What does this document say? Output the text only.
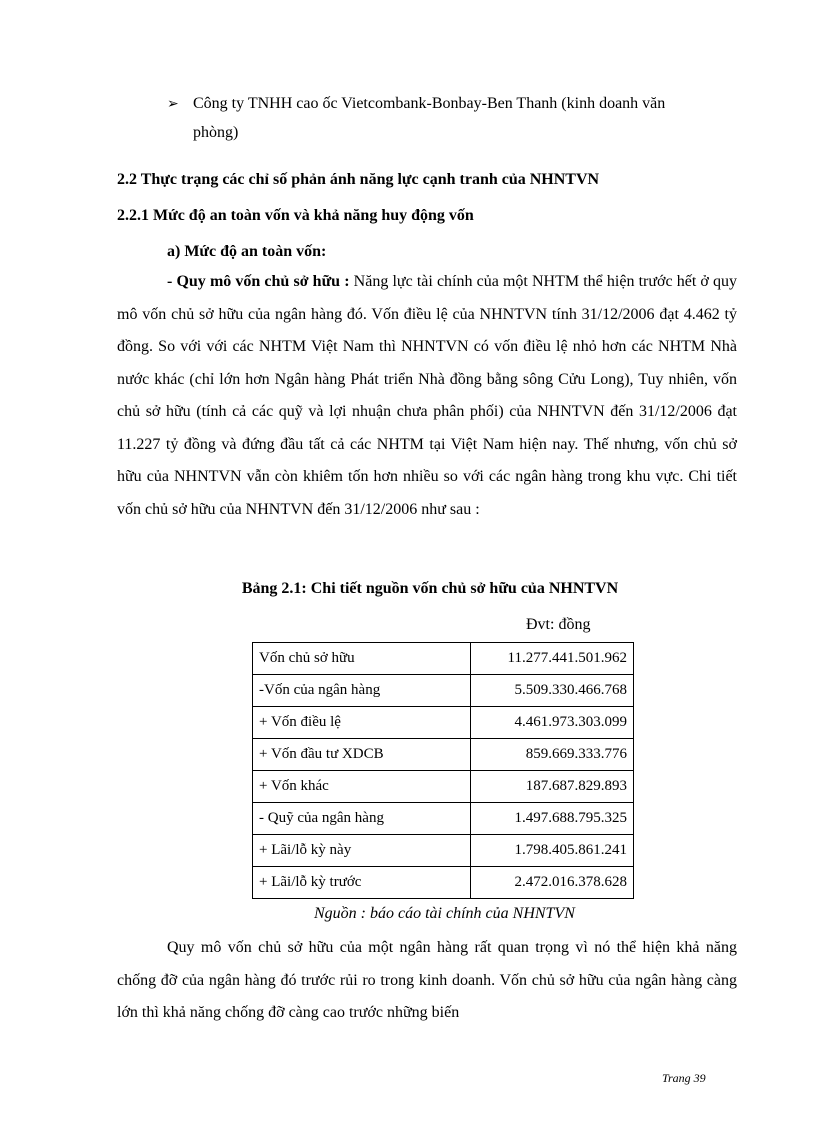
➢ Công ty TNHH cao ốc Vietcombank-Bonbay-Ben Thanh (kinh doanh văn
phòng)
2.2 Thực trạng các chỉ số phản ánh năng lực cạnh tranh của NHNTVN
2.2.1 Mức độ an toàn vốn và khả năng huy động vốn
a) Mức độ an toàn vốn:
- Quy mô vốn chủ sở hữu : Năng lực tài chính của một NHTM thể hiện trước hết ở quy mô vốn chủ sở hữu của ngân hàng đó. Vốn điều lệ của NHNTVN tính 31/12/2006 đạt 4.462 tỷ đồng. So với với các NHTM Việt Nam thì NHNTVN có vốn điều lệ nhỏ hơn các NHTM Nhà nước khác (chỉ lớn hơn Ngân hàng Phát triển Nhà đồng bằng sông Cửu Long), Tuy nhiên, vốn chủ sở hữu (tính cả các quỹ và lợi nhuận chưa phân phối) của NHNTVN đến 31/12/2006 đạt 11.227 tỷ đồng và đứng đầu tất cả các NHTM tại Việt Nam hiện nay. Thế nhưng, vốn chủ sở hữu của NHNTVN vẫn còn khiêm tốn hơn nhiều so với các ngân hàng trong khu vực. Chi tiết vốn chủ sở hữu của NHNTVN đến 31/12/2006 như sau :
Bảng 2.1: Chi tiết nguồn vốn chủ sở hữu của NHNTVN
Đvt: đồng
Vốn chủ sở hữu	11.277.441.501.962
-Vốn của ngân hàng	5.509.330.466.768
+ Vốn điều lệ	4.461.973.303.099
+ Vốn đầu tư XDCB	859.669.333.776
+ Vốn khác	187.687.829.893
- Quỹ của ngân hàng	1.497.688.795.325
+ Lãi/lỗ kỳ này	1.798.405.861.241
+ Lãi/lỗ kỳ trước	2.472.016.378.628
Nguồn : báo cáo tài chính của NHNTVN
Quy mô vốn chủ sở hữu của một ngân hàng rất quan trọng vì nó thể hiện khả năng chống đỡ của ngân hàng đó trước rủi ro trong kinh doanh. Vốn chủ sở hữu của ngân hàng càng lớn thì khả năng chống đỡ càng cao trước những biến
Trang 39
